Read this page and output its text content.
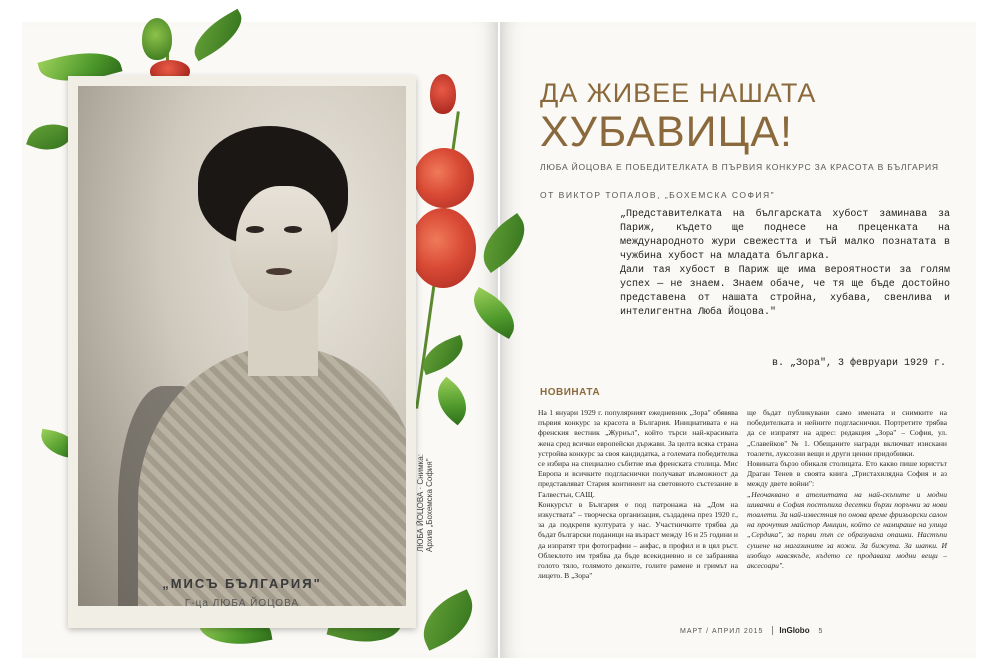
„МИСЪ БЪЛГАРИЯ"
Г-ца ЛЮБА ЙОЦОВА
ЛЮБА ЙОЦОВА · Снимка: Архив „Бохемска София"
ДА ЖИВЕЕ НАШАТА
ХУБАВИЦА!
ЛЮБА ЙОЦОВА Е ПОБЕДИТЕЛКАТА В ПЪРВИЯ КОНКУРС ЗА КРАСОТА В БЪЛГАРИЯ
ОТ ВИКТОР ТОПАЛОВ, „БОХЕМСКА СОФИЯ"

„Представителката на българската хубост заминава за Париж, където ще поднесе на преценката на международното жури свежестта и тъй малко познатата в чужбина хубост на младата българка.

Дали тая хубост в Париж ще има вероятности за голям успех — не знаем. Знаем обаче, че тя ще бъде достойно представена от нашата стройна, хубава, свенлива и интелигентна Люба Йоцова."

в. „Зора", 3 февруари 1929 г.
НОВИНАТА

На 1 януари 1929 г. популярният ежедневник „Зора" обявява първия конкурс за красота в България. Инициативата е на френския вестник „Журнъл", който търси най-красивата жена сред всички европейски държави. За целта всяка страна устройва конкурс за своя кандидатка, а големата победителка се избира на специално събитие във френската столица. Мис Европа и всичките подгласнички получават възможност да представляват Стария континент на световното състезание в Галвестън, САЩ.

Конкурсът в България е под патронажа на „Дом на изкуствата" – творческа организация, създадена през 1920 г., за да подкрепя културата у нас. Участничките трябва да бъдат български поданици на възраст между 16 и 25 години и да изпратят три фотографии – анфас, в профил и в цял ръст. Облеклото им трябва да бъде всекидневно и се забранява голото тяло, голямото деколте, голите рамене и гримът на лицето. В „Зора"

ще бъдат публикувани само имената и снимките на победителката и нейните подгласнички. Портретите трябва да се изпратят на адрес: редакция „Зора" – София, ул. „Славейков" № 1. Обещаните награди включват изискани тоалети, луксозни вещи и други ценни придобивки.

Новината бързо обикаля столицата. Ето какво пише юристът Драган Тенев в своята книга „Тристахилядна София и аз между двете войни":

„Неочаквано в ателиетата на най-скъпите и модни шивачки в София постъпиха десетки бързи поръчки за нови тоалети. За най-известния по онова време фризьорски салон на прочутия майстор Аницин, който се намираше на улица „Сердика", за първи път се образуваха опашки. Настъпи сушене на магазините за кожи. За бижута. За шапки. И изобщо навсякъде, където се продаваха модни вещи – аксесоари".

МАРТ / АПРИЛ 2015 InGlobo 5
